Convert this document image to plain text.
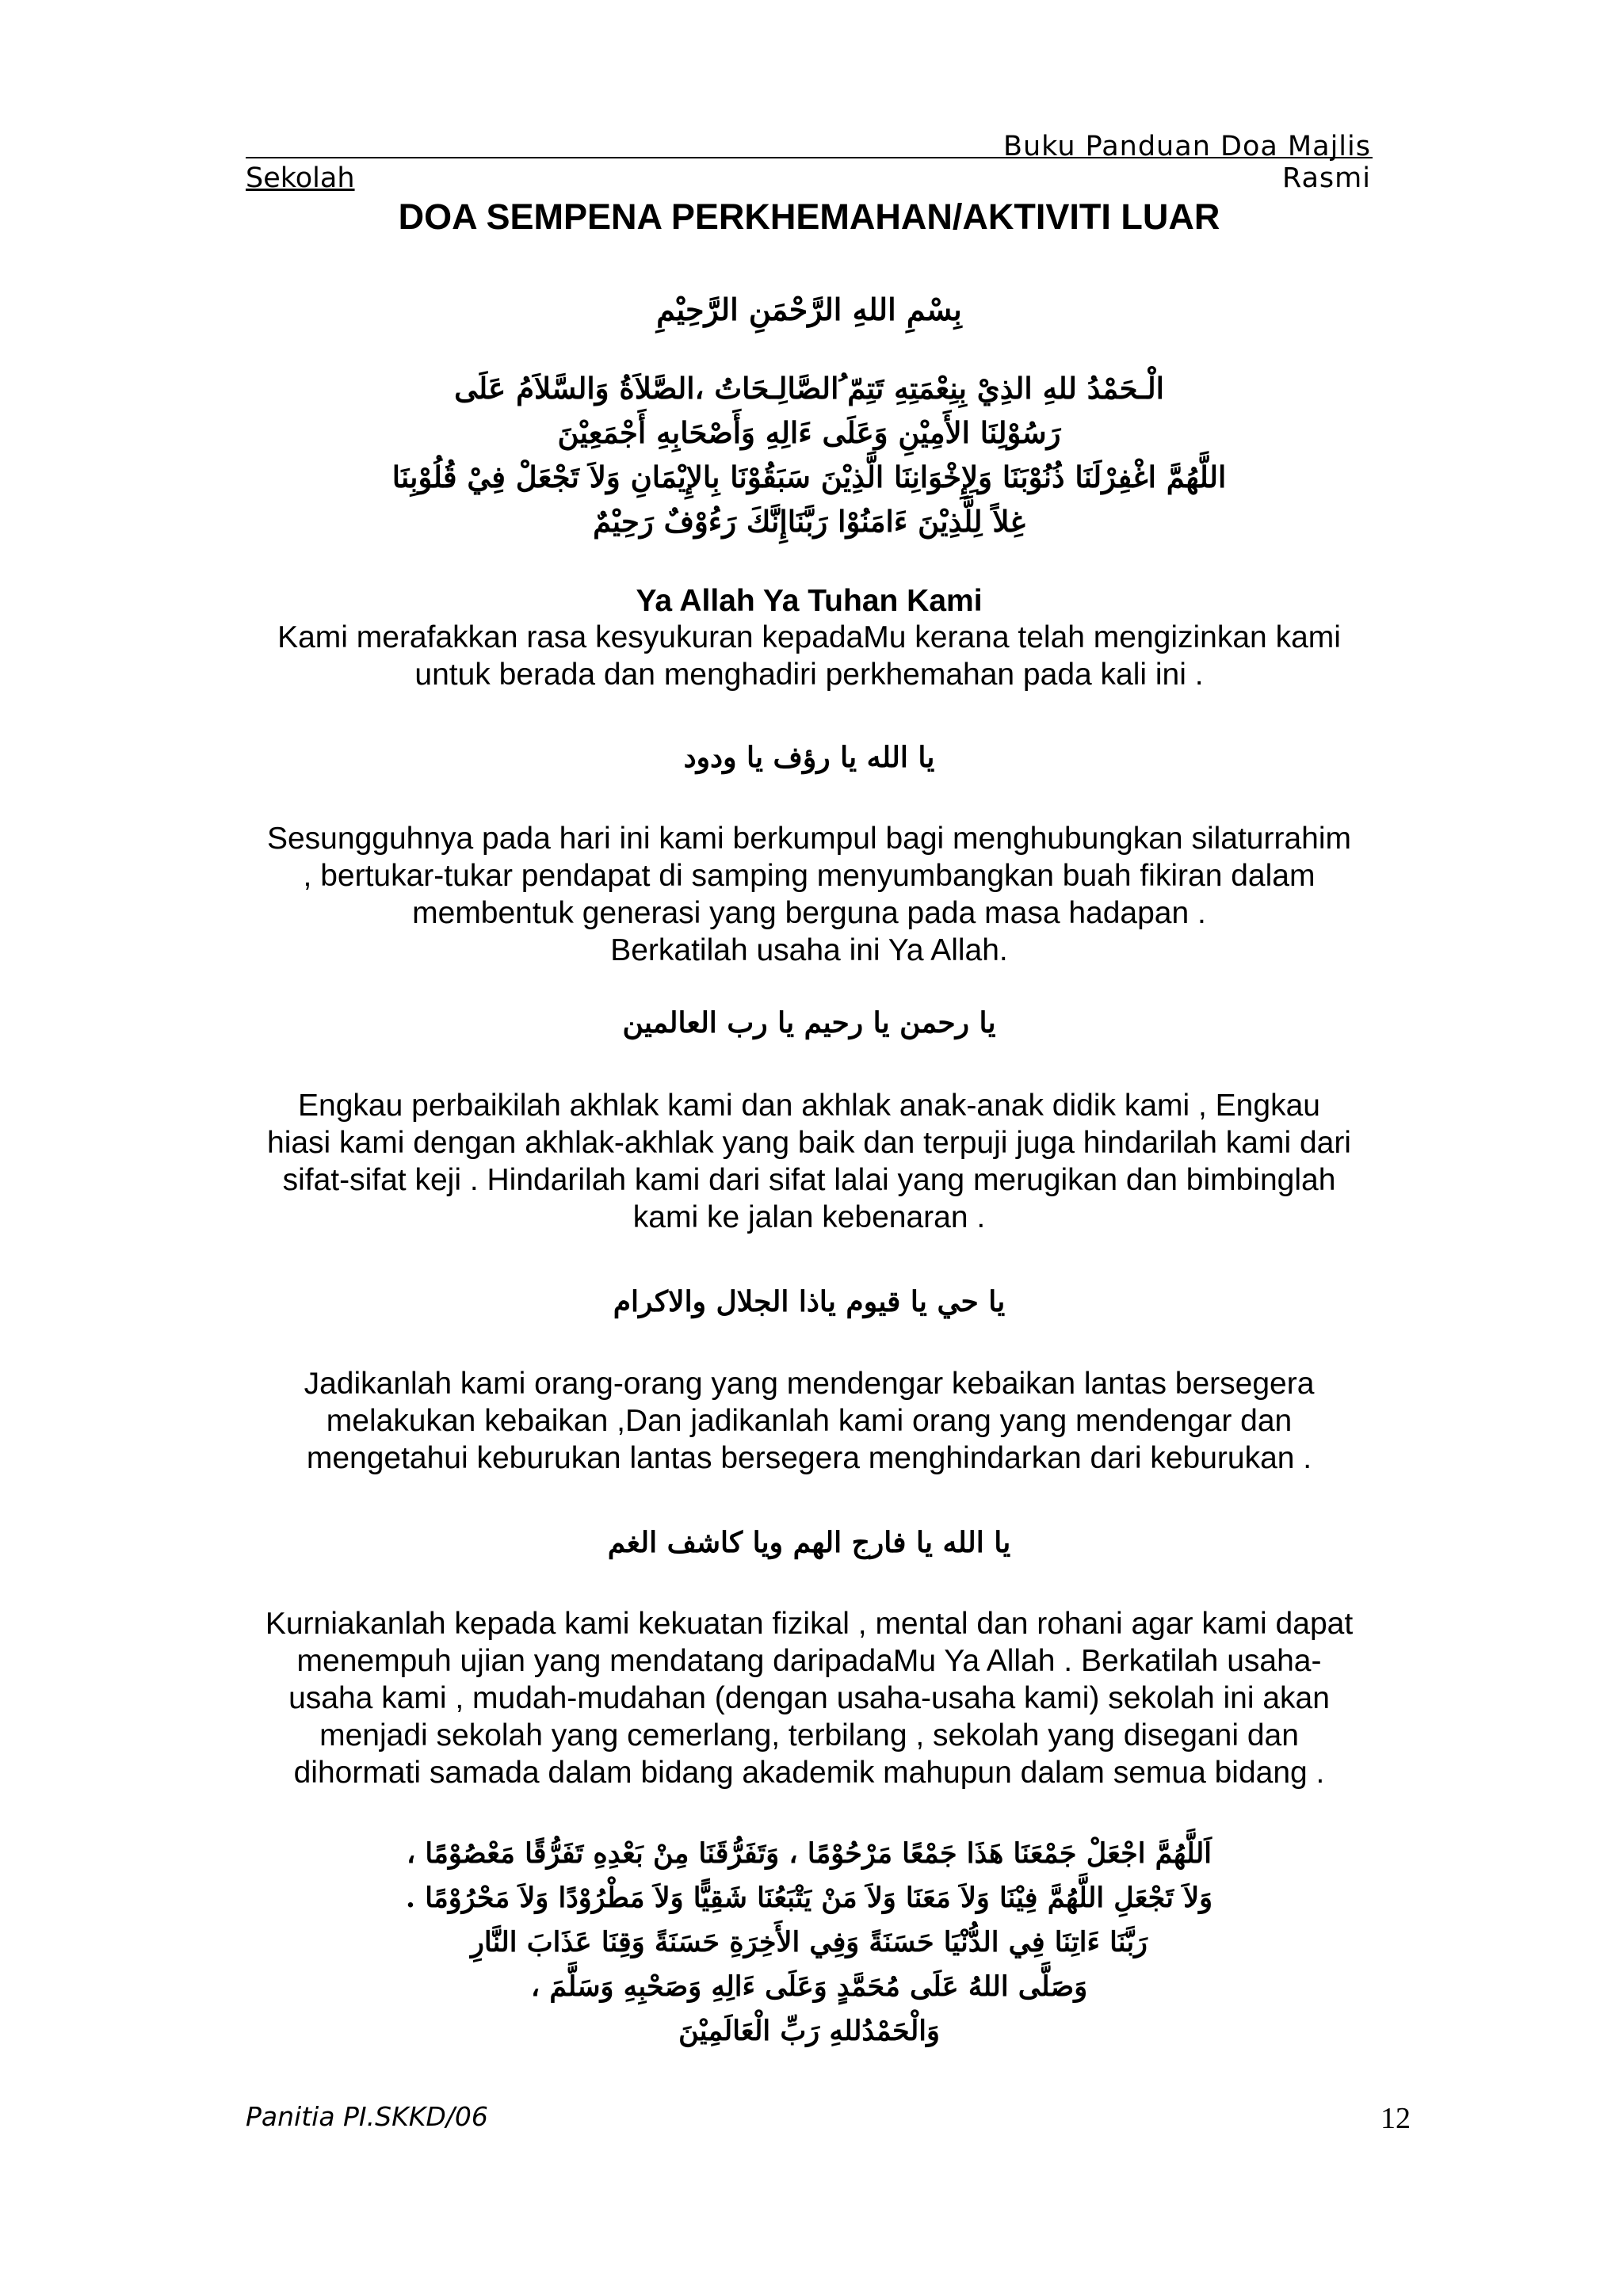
Buku Panduan Doa Majlis Rasmi
Sekolah
DOA SEMPENA PERKHEMAHAN/AKTIVITI LUAR
بِسْمِ اللهِ الرَّحْمَنِ الرَّحِيْمِ
الْـحَمْدُ للهِ الذِيْ بِنِعْمَتِهِ تَتِمّ ُالصَّالِـحَاتُ ،الصَّلاَةُ وَالسَّلاَمُ عَلَى
رَسُوْلِنَا الأَمِيْنِ وَعَلَى ءَالِهِ وَأَصْحَابِهِ أَجْمَعِيْنَ
اللَّهُمَّ اغْفِرْلَنَا ذُنُوْبَنَا وَلِإِخْوَانِنَا الَّذِيْنَ سَبَقُوْنَا بِالإِيْمَانِ وَلاَ تَجْعَلْ فِيْ قُلُوْبِنَا
غِلاً لِلَّذِيْنَ ءَامَنُوْا رَبَّنَاإِنَّكَ رَءُوْفٌ رَحِيْمٌ
Ya Allah Ya Tuhan Kami
Kami merafakkan rasa kesyukuran kepadaMu kerana telah mengizinkan kami
untuk berada dan menghadiri perkhemahan pada kali ini .
يا الله يا رؤف يا ودود
Sesungguhnya pada hari ini kami berkumpul bagi menghubungkan silaturrahim
, bertukar-tukar pendapat di samping menyumbangkan buah fikiran dalam
membentuk generasi yang berguna pada masa hadapan .
Berkatilah usaha ini Ya Allah.
يا رحمن يا رحيم يا رب العالمين
Engkau perbaikilah akhlak kami dan akhlak anak-anak didik kami , Engkau
hiasi kami dengan akhlak-akhlak yang baik dan terpuji juga hindarilah kami dari
sifat-sifat keji . Hindarilah kami dari sifat lalai yang merugikan dan bimbinglah
kami ke jalan kebenaran .
يا حي يا قيوم ياذا الجلال والاكرام
Jadikanlah kami orang-orang yang mendengar kebaikan lantas bersegera
melakukan kebaikan ,Dan jadikanlah kami orang yang mendengar dan
mengetahui keburukan lantas bersegera menghindarkan dari keburukan .
يا الله يا فارج الهم ويا كاشف الغم
Kurniakanlah kepada kami kekuatan fizikal , mental dan rohani agar kami dapat
menempuh ujian yang mendatang daripadaMu Ya Allah . Berkatilah usaha-
usaha kami , mudah-mudahan (dengan usaha-usaha kami) sekolah ini akan
menjadi sekolah yang cemerlang, terbilang , sekolah yang disegani dan
dihormati samada dalam bidang akademik mahupun dalam semua bidang .
اَللَّهُمَّ اجْعَلْ جَمْعَنَا هَذَا جَمْعًا مَرْحُوْمًا ، وَتَفَرُّقَنَا مِنْ بَعْدِهِ تَفَرُّقًا مَعْصُوْمًا ،
وَلاَ تَجْعَلِ اللَّهُمَّ فِيْنَا وَلاَ مَعَنَا وَلاَ مَنْ يَتْبَعُنَا شَقِيًّا وَلاَ مَطْرُوْدًا وَلاَ مَحْرُوْمًا .
رَبَّنَا ءَاتِنَا فِي الدُّنْيَا حَسَنَةً وَفِي الأَخِرَةِ حَسَنَةً وَقِنَا عَذَابَ النَّارِ
وَصَلَّى اللهُ عَلَى مُحَمَّدٍ وَعَلَى ءَالِهِ وَصَحْبِهِ وَسَلَّمَ ،
وَالْحَمْدُللهِ رَبِّ الْعَالَمِيْنَ
Panitia PI.SKKD/06	12
